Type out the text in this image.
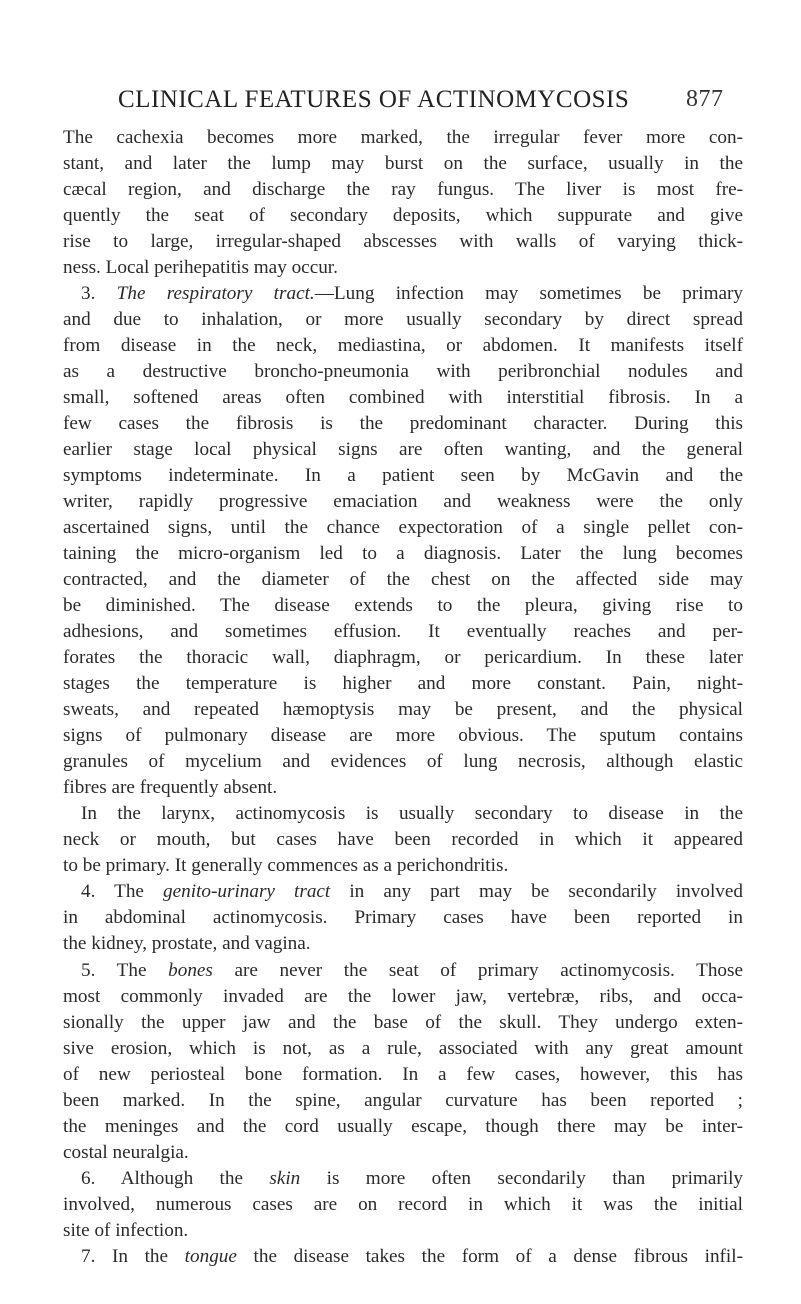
CLINICAL FEATURES OF ACTINOMYCOSIS 877
The cachexia becomes more marked, the irregular fever more con-
stant, and later the lump may burst on the surface, usually in the
cæcal region, and discharge the ray fungus. The liver is most fre-
quently the seat of secondary deposits, which suppurate and give
rise to large, irregular-shaped abscesses with walls of varying thick-
ness. Local perihepatitis may occur.
3. The respiratory tract.—Lung infection may sometimes be primary
and due to inhalation, or more usually secondary by direct spread
from disease in the neck, mediastina, or abdomen. It manifests itself
as a destructive broncho-pneumonia with peribronchial nodules and
small, softened areas often combined with interstitial fibrosis. In a
few cases the fibrosis is the predominant character. During this
earlier stage local physical signs are often wanting, and the general
symptoms indeterminate. In a patient seen by McGavin and the
writer, rapidly progressive emaciation and weakness were the only
ascertained signs, until the chance expectoration of a single pellet con-
taining the micro-organism led to a diagnosis. Later the lung becomes
contracted, and the diameter of the chest on the affected side may
be diminished. The disease extends to the pleura, giving rise to
adhesions, and sometimes effusion. It eventually reaches and per-
forates the thoracic wall, diaphragm, or pericardium. In these later
stages the temperature is higher and more constant. Pain, night-
sweats, and repeated hæmoptysis may be present, and the physical
signs of pulmonary disease are more obvious. The sputum contains
granules of mycelium and evidences of lung necrosis, although elastic
fibres are frequently absent.
In the larynx, actinomycosis is usually secondary to disease in the
neck or mouth, but cases have been recorded in which it appeared
to be primary. It generally commences as a perichondritis.
4. The genito-urinary tract in any part may be secondarily involved
in abdominal actinomycosis. Primary cases have been reported in
the kidney, prostate, and vagina.
5. The bones are never the seat of primary actinomycosis. Those
most commonly invaded are the lower jaw, vertebræ, ribs, and occa-
sionally the upper jaw and the base of the skull. They undergo exten-
sive erosion, which is not, as a rule, associated with any great amount
of new periosteal bone formation. In a few cases, however, this has
been marked. In the spine, angular curvature has been reported ;
the meninges and the cord usually escape, though there may be inter-
costal neuralgia.
6. Although the skin is more often secondarily than primarily
involved, numerous cases are on record in which it was the initial
site of infection.
7. In the tongue the disease takes the form of a dense fibrous infil-
